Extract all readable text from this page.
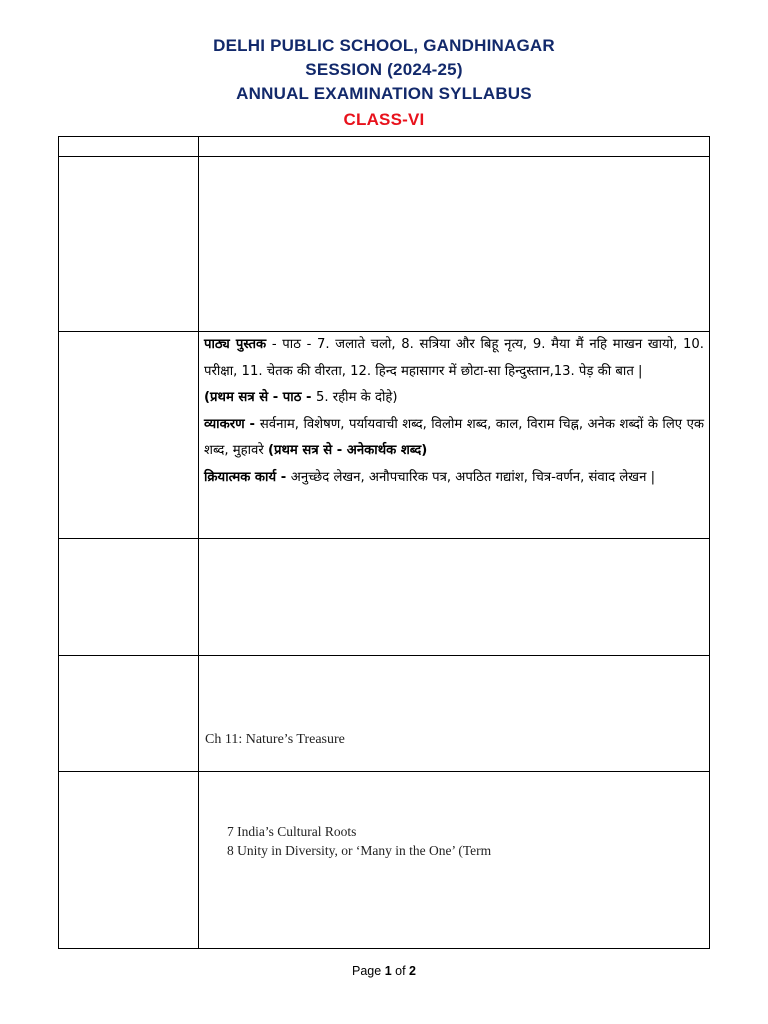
DELHI PUBLIC SCHOOL, GANDHINAGAR
SESSION (2024-25)
ANNUAL EXAMINATION SYLLABUS
CLASS-VI

पाठ्य पुस्तक - पाठ - 7. जलाते चलो, 8. सत्रिया और बिहू नृत्य, 9. मैया मैं नहि माखन खायो, 10. परीक्षा, 11. चेतक की वीरता, 12. हिन्द महासागर में छोटा-सा हिन्दुस्तान,13. पेड़ की बात |

(प्रथम सत्र से - पाठ - 5. रहीम के दोहे)

व्याकरण - सर्वनाम, विशेषण, पर्यायवाची शब्द, विलोम शब्द, काल, विराम चिह्न, अनेक शब्दों के लिए एक शब्द, मुहावरे (प्रथम सत्र से - अनेकार्थक शब्द)

क्रियात्मक कार्य - अनुच्छेद लेखन, अनौपचारिक पत्र, अपठित गद्यांश, चित्र-वर्णन, संवाद लेखन |

Ch 11: Nature’s Treasure
7 India’s Cultural Roots
8 Unity in Diversity, or ‘Many in the One’ (Term
Page 1 of 2
